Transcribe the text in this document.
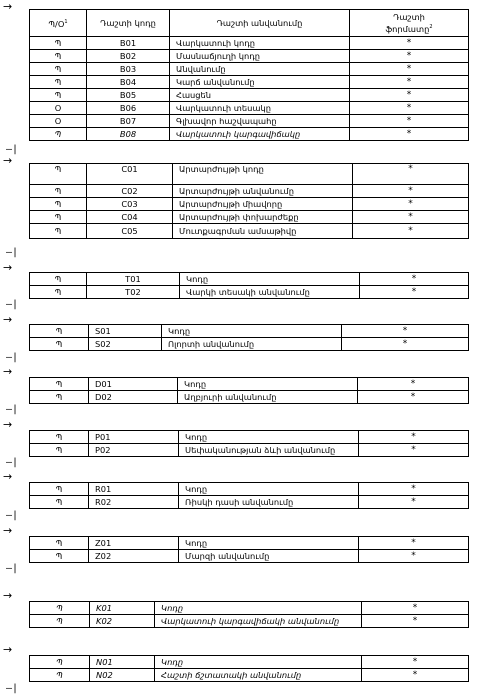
→
Պ/Օ$^1$	Դաշտի կոդը	Դաշտի անվանումը	Դաշտի
ֆորմատը$^2$
Պ	B01	Վարկատուի կոդը	*
Պ	B02	Մասնաճյուղի կոդը	*
Պ	B03	Անվանումը	*
Պ	B04	Կարճ անվանումը	*
Պ	B05	Հասցեն	*
Օ	B06	Վարկատուի տեսակը	*
Օ	B07	Գլխավոր հաշվապահը	*
Պ	B08	Վարկատուի կարգավիճակը	*
—|
→
Պ	C01	Արտարժույթի կոդը	*
Պ	C02	Արտարժույթի անվանումը	*
Պ	C03	Արտարժույթի միավորը	*
Պ	C04	Արտարժույթի փոխարժեքը	*
Պ	C05	Մուտքագրման ամսաթիվը	*
—|
→
Պ	T01	Կոդը	*
Պ	T02	Վարկի տեսակի անվանումը	*
—|
→
Պ	S01	Կոդը	*
Պ	S02	Ոլորտի անվանումը	*
—|
→
Պ	D01	Կոդը	*
Պ	D02	Աղբյուրի անվանումը	*
—|
→
Պ	P01	Կոդը	*
Պ	P02	Սեփականության ձևի անվանումը	*
—|
→
Պ	R01	Կոդը	*
Պ	R02	Ռիսկի դասի անվանումը	*
—|
→
Պ	Z01	Կոդը	*
Պ	Z02	Մարզի անվանումը	*
—|
→
Պ	K01	Կոդը	*
Պ	K02	Վարկատուի կարգավիճակի անվանումը	*
→
Պ	N01	Կոդը	*
Պ	N02	Հաշտի ճշտատակի անվանումը	*
—|
